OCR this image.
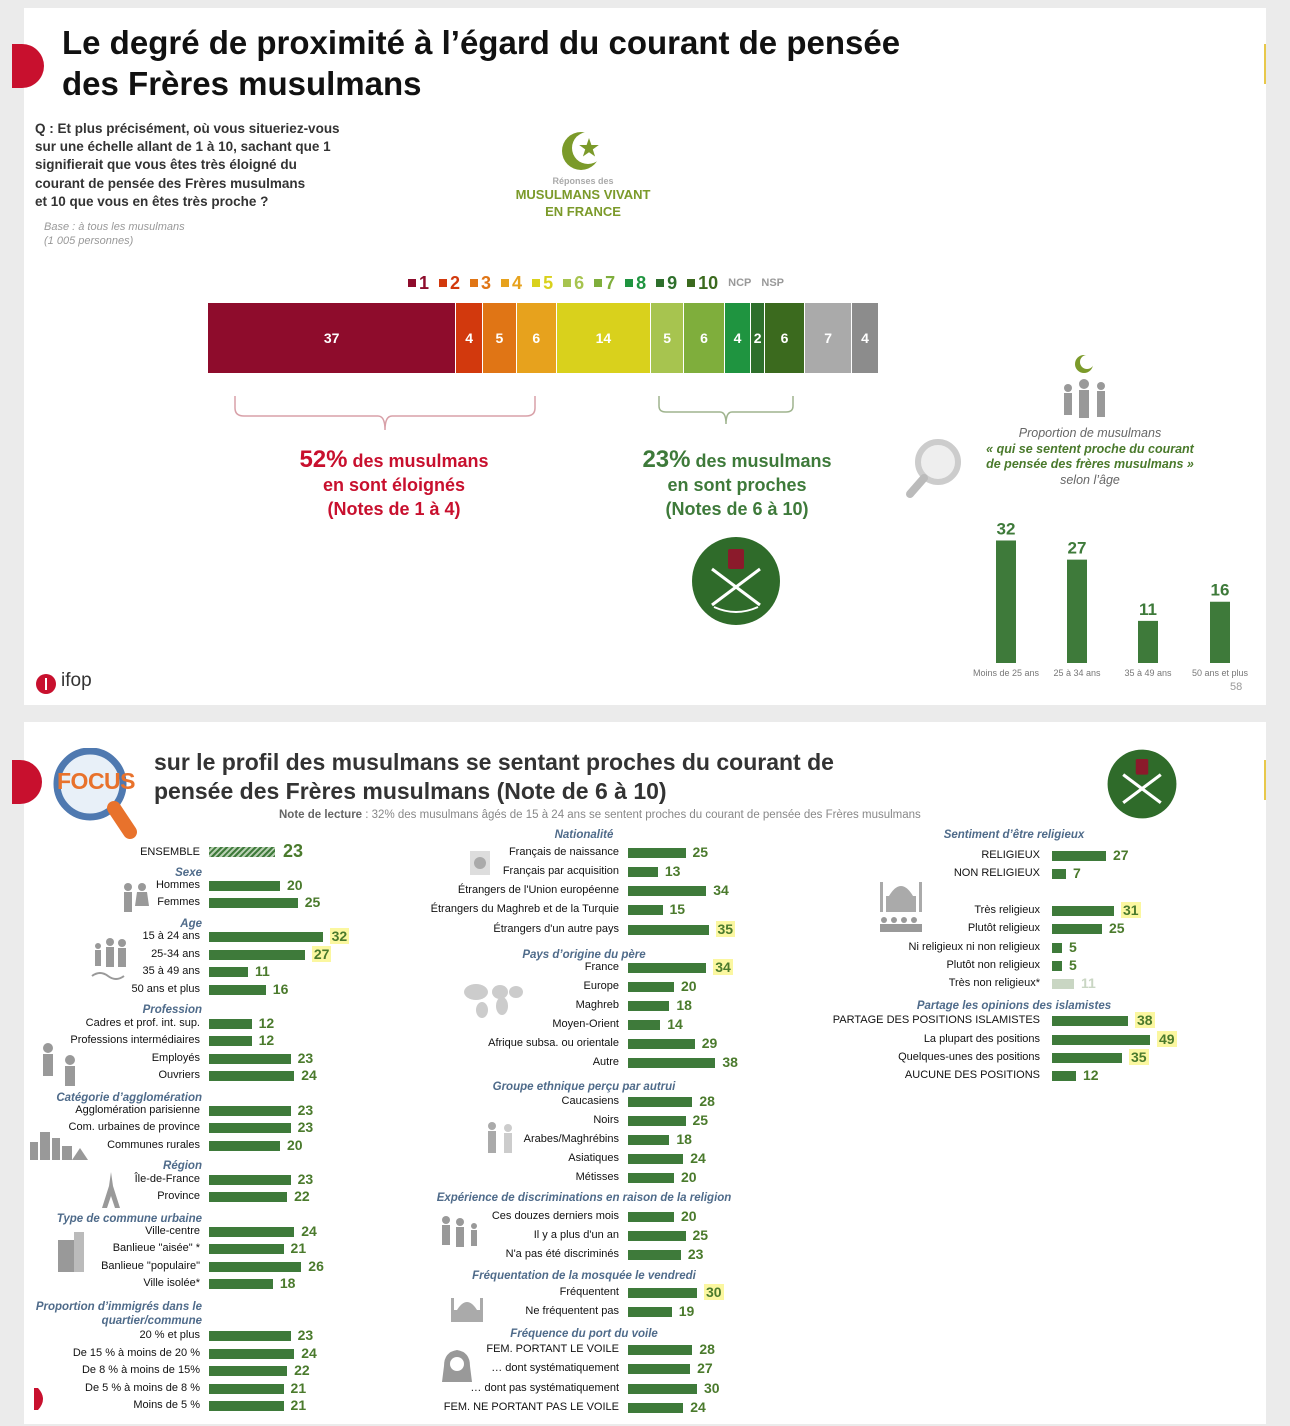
Le degré de proximité à l’égard du courant de pensée
des Frères musulmans
Q : Et plus précisément, où vous situeriez-vous
sur une échelle allant de 1 à 10, sachant que 1
signifierait que vous êtes très éloigné du
courant de pensée des Frères musulmans
et 10 que vous en êtes très proche ?
Base : à tous les musulmans
(1 005 personnes)
Réponses des
MUSULMANS VIVANT
EN FRANCE
1 2 3 4 5 6 7 8 9 10 NCP NSP
37	4 5 6	14	5 6 4 2 6	7 4
52% des musulmans
en sont éloignés
(Notes de 1 à 4)
23% des musulmans
en sont proches
(Notes de 6 à 10)
Proportion de musulmans
« qui se sentent proche du courant
de pensée des frères musulmans »
selon l’âge
32
Moins de 25 ans
27
25 à 34 ans
11
35 à 49 ans
16
50 ans et plus
ifop	58
FOCUS
sur le profil des musulmans se sentant proches du courant de
pensée des Frères musulmans (Note de 6 à 10)
Note de lecture : 32% des musulmans âgés de 15 à 24 ans se sentent proches du courant de pensée des Frères musulmans
ENSEMBLE	23
Sexe
Hommes	20
Femmes	25
Age
15 à 24 ans	32
25-34 ans	27
35 à 49 ans	11
50 ans et plus	16
Profession
Cadres et prof. int. sup.	12
Professions intermédiaires	12
Employés	23
Ouvriers	24
Catégorie d’agglomération
Agglomération parisienne	23
Com. urbaines de province	23
Communes rurales	20
Région
Île-de-France	23
Province	22
Type de commune urbaine
Ville-centre	24
Banlieue "aisée" *	21
Banlieue "populaire"	26
Ville isolée*	18
Proportion d’immigrés dans le quartier/commune
20 % et plus	23
De 15 % à moins de 20 %	24
De 8 % à moins de 15%	22
De 5 % à moins de 8 %	21
Moins de 5 %	21
Nationalité
Français de naissance	25
Français par acquisition	13
Étrangers de l'Union européenne	34
Étrangers du Maghreb et de la Turquie	15
Étrangers d'un autre pays	35
Pays d’origine du père
France	34
Europe	20
Maghreb	18
Moyen-Orient	14
Afrique subsa. ou orientale	29
Autre	38
Groupe ethnique perçu par autrui
Caucasiens	28
Noirs	25
Arabes/Maghrébins	18
Asiatiques	24
Métisses	20
Expérience de discriminations en raison de la religion
Ces douzes derniers mois	20
Il y a plus d'un an	25
N'a pas été discriminés	23
Fréquentation de la mosquée le vendredi
Fréquentent	30
Ne fréquentent pas	19
Fréquence du port du voile
FEM. PORTANT LE VOILE	28
… dont systématiquement	27
… dont pas systématiquement	30
FEM. NE PORTANT PAS LE VOILE	24
Sentiment d’être religieux
RELIGIEUX	27
NON RELIGIEUX 7
Très religieux	31
Plutôt religieux	25
Ni religieux ni non religieux 5
Plutôt non religieux 5
Très non religieux*	11
Partage les opinions des islamistes
PARTAGE DES POSITIONS ISLAMISTES	38
La plupart des positions	49
Quelques-unes des positions	35
AUCUNE DES POSITIONS	12
